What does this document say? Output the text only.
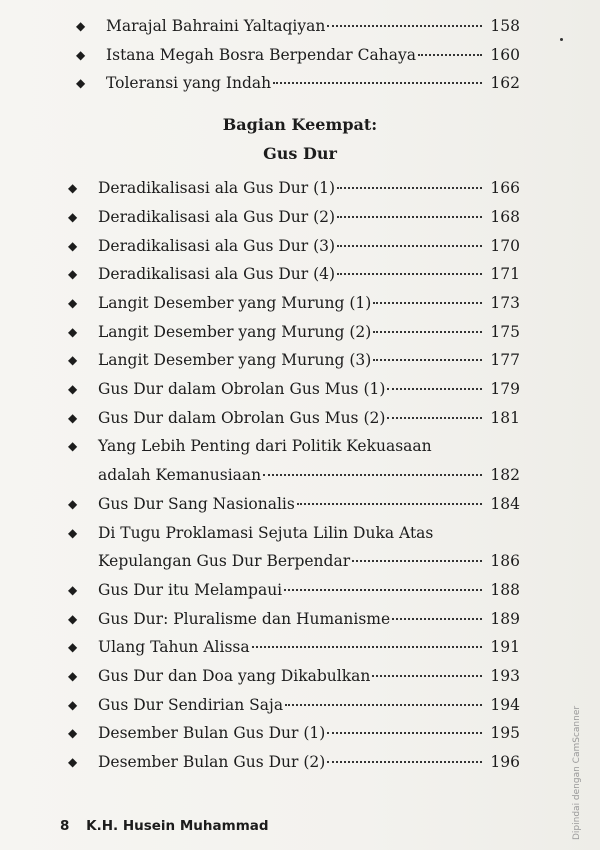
◆ Marajal Bahraini Yaltaqiyan	158
◆ Istana Megah Bosra Berpendar Cahaya	160
◆ Toleransi yang Indah	162
Bagian Keempat:
Gus Dur
◆ Deradikalisasi ala Gus Dur (1)	166
◆ Deradikalisasi ala Gus Dur (2)	168
◆ Deradikalisasi ala Gus Dur (3)	170
◆ Deradikalisasi ala Gus Dur (4)	171
◆ Langit Desember yang Murung (1)	173
◆ Langit Desember yang Murung (2)	175
◆ Langit Desember yang Murung (3)	177
◆ Gus Dur dalam Obrolan Gus Mus (1)	179
◆ Gus Dur dalam Obrolan Gus Mus (2)	181
◆ Yang Lebih Penting dari Politik Kekuasaan
adalah Kemanusiaan	182
◆ Gus Dur Sang Nasionalis	184
◆ Di Tugu Proklamasi Sejuta Lilin Duka Atas
Kepulangan Gus Dur Berpendar	186
◆ Gus Dur itu Melampaui	188
◆ Gus Dur: Pluralisme dan Humanisme	189
◆ Ulang Tahun Alissa	191
◆ Gus Dur dan Doa yang Dikabulkan	193
◆ Gus Dur Sendirian Saja	194
◆ Desember Bulan Gus Dur (1)	195
◆ Desember Bulan Gus Dur (2)	196
8 K.H. Husein Muhammad	Dipindai dengan CamScanner
